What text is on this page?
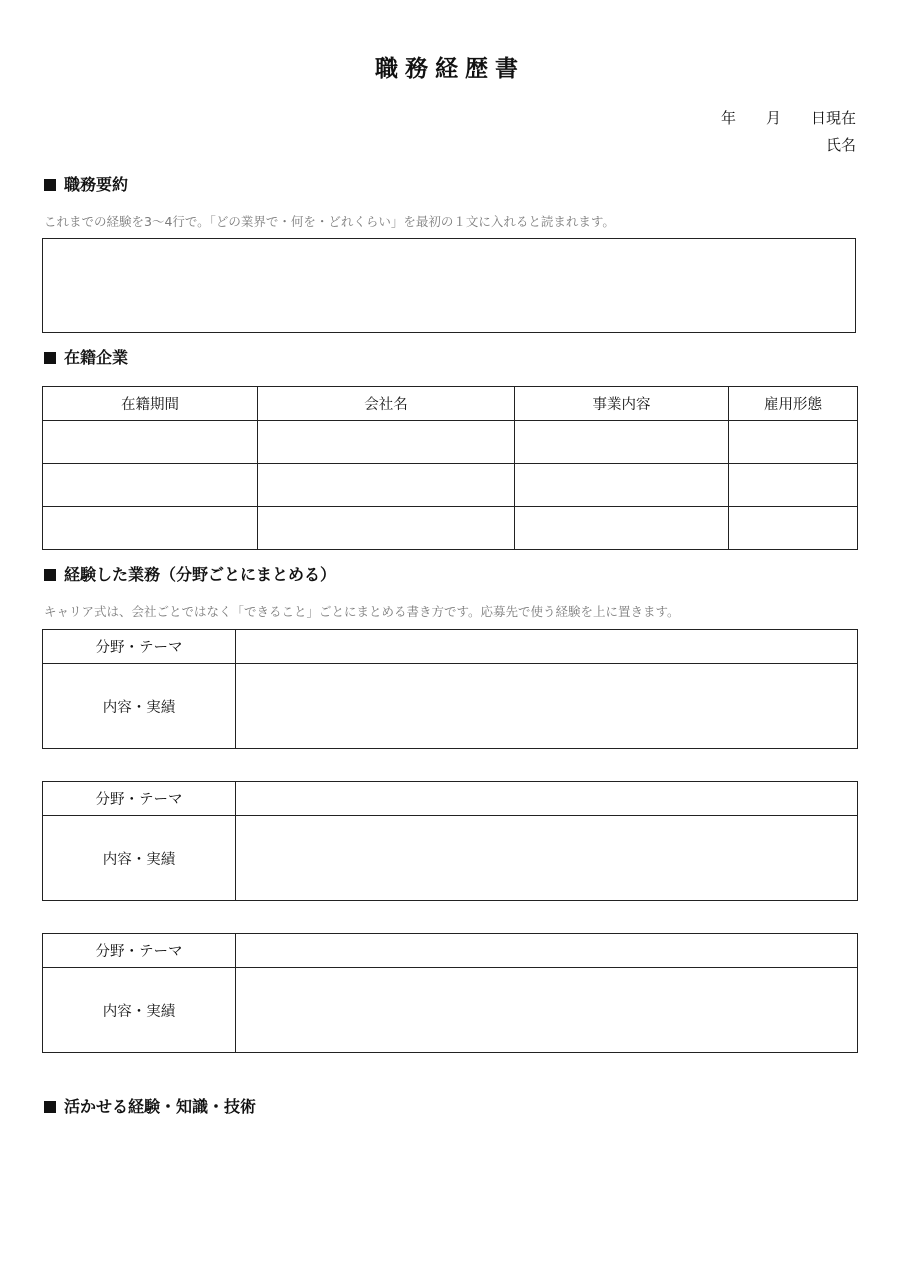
職務経歴書
年 月 日現在
氏名
職務要約
これまでの経験を3〜4行で。「どの業界で・何を・どれくらい」を最初の１文に入れると読まれます。
在籍企業
在籍期間	会社名	事業内容	雇用形態

経験した業務（分野ごとにまとめる）
キャリア式は、会社ごとではなく「できること」ごとにまとめる書き方です。応募先で使う経験を上に置きます。
分野・テーマ	
内容・実績	
分野・テーマ	
内容・実績	
分野・テーマ	
内容・実績	
活かせる経験・知識・技術
